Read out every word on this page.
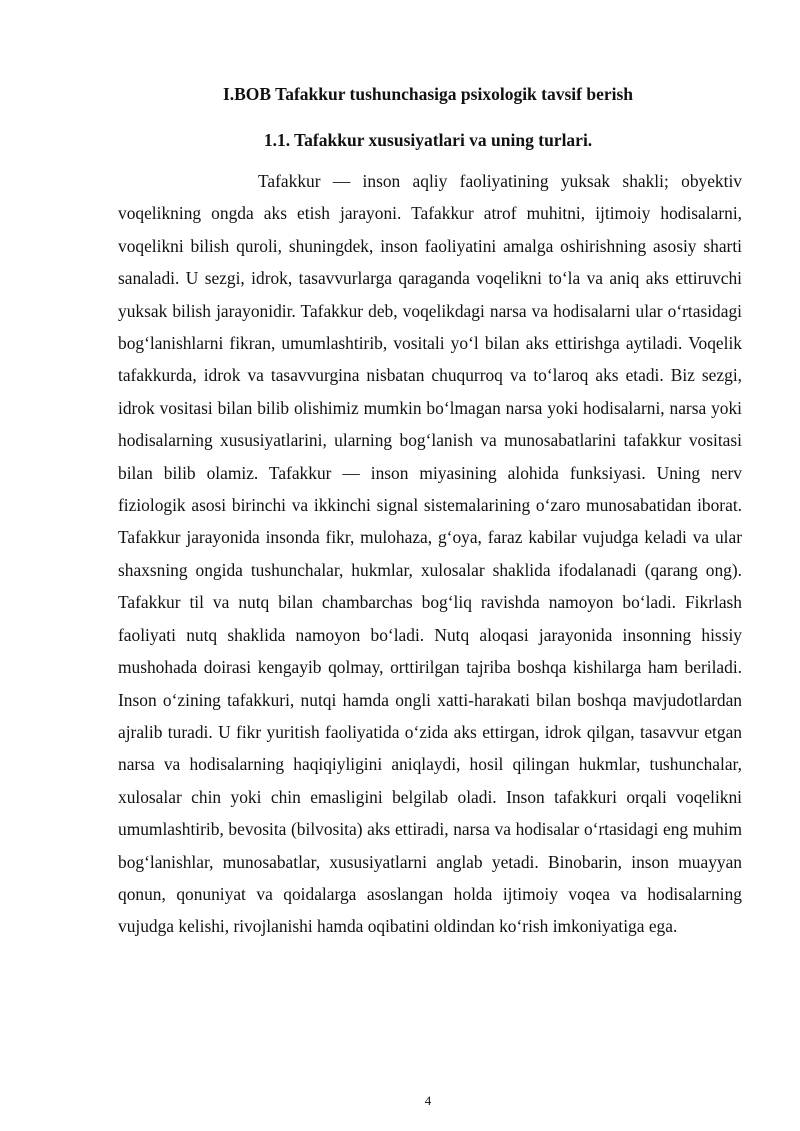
I.BOB Tafakkur tushunchasiga psixologik tavsif berish
1.1. Tafakkur xususiyatlari va uning turlari.

Tafakkur — inson aqliy faoliyatining yuksak shakli; obyektiv voqelikning ongda aks etish jarayoni. Tafakkur atrof muhitni, ijtimoiy hodisalarni, voqelikni bilish quroli, shuningdek, inson faoliyatini amalga oshirishning asosiy sharti sanaladi. U sezgi, idrok, tasavvurlarga qaraganda voqelikni to‘la va aniq aks ettiruvchi yuksak bilish jarayonidir. Tafakkur deb, voqelikdagi narsa va hodisalarni ular o‘rtasidagi bog‘lanishlarni fikran, umumlashtirib, vositali yo‘l bilan aks ettirishga aytiladi. Voqelik tafakkurda, idrok va tasavvurgina nisbatan chuqurroq va to‘laroq aks etadi. Biz sezgi, idrok vositasi bilan bilib olishimiz mumkin bo‘lmagan narsa yoki hodisalarni, narsa yoki hodisalarning xususiyatlarini, ularning bog‘lanish va munosabatlarini tafakkur vositasi bilan bilib olamiz. Tafakkur — inson miyasining alohida funksiyasi. Uning nerv fiziologik asosi birinchi va ikkinchi signal sistemalarining o‘zaro munosabatidan iborat. Tafakkur jarayonida insonda fikr, mulohaza, g‘oya, faraz kabilar vujudga keladi va ular shaxsning ongida tushunchalar, hukmlar, xulosalar shaklida ifodalanadi (qarang ong). Tafakkur til va nutq bilan chambarchas bog‘liq ravishda namoyon bo‘ladi. Fikrlash faoliyati nutq shaklida namoyon bo‘ladi. Nutq aloqasi jarayonida insonning hissiy mushohada doirasi kengayib qolmay, orttirilgan tajriba boshqa kishilarga ham beriladi. Inson o‘zining tafakkuri, nutqi hamda ongli xatti-harakati bilan boshqa mavjudotlardan ajralib turadi. U fikr yuritish faoliyatida o‘zida aks ettirgan, idrok qilgan, tasavvur etgan narsa va hodisalarning haqiqiyligini aniqlaydi, hosil qilingan hukmlar, tushunchalar, xulosalar chin yoki chin emasligini belgilab oladi. Inson tafakkuri orqali voqelikni umumlashtirib, bevosita (bilvosita) aks ettiradi, narsa va hodisalar o‘rtasidagi eng muhim bog‘lanishlar, munosabatlar, xususiyatlarni anglab yetadi. Binobarin, inson muayyan qonun, qonuniyat va qoidalarga asoslangan holda ijtimoiy voqea va hodisalarning vujudga kelishi, rivojlanishi hamda oqibatini oldindan ko‘rish imkoniyatiga ega.

4
